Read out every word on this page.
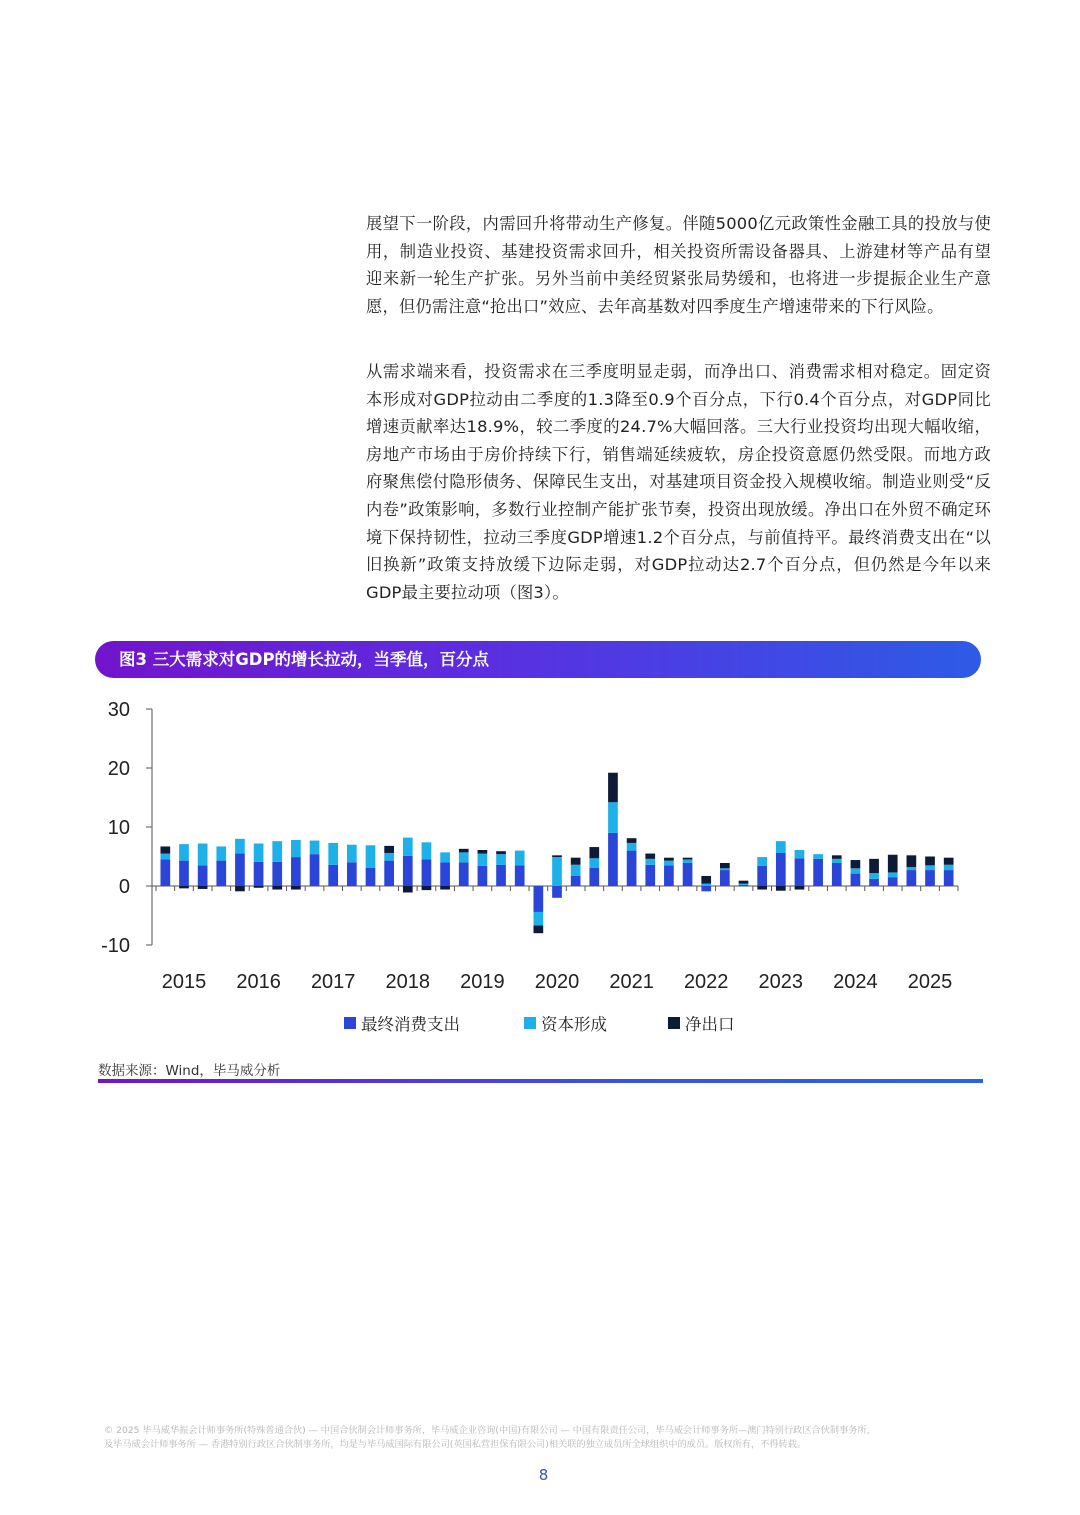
展望下一阶段，内需回升将带动生产修复。伴随5000亿元政策性金融工具的投放与使用，制造业投资、基建投资需求回升，相关投资所需设备器具、上游建材等产品有望迎来新一轮生产扩张。另外当前中美经贸紧张局势缓和，也将进一步提振企业生产意愿，但仍需注意“抢出口”效应、去年高基数对四季度生产增速带来的下行风险。
从需求端来看，投资需求在三季度明显走弱，而净出口、消费需求相对稳定。固定资本形成对GDP拉动由二季度的1.3降至0.9个百分点，下行0.4个百分点，对GDP同比增速贡献率达18.9%，较二季度的24.7%大幅回落。三大行业投资均出现大幅收缩，房地产市场由于房价持续下行，销售端延续疲软，房企投资意愿仍然受限。而地方政府聚焦偿付隐形债务、保障民生支出，对基建项目资金投入规模收缩。制造业则受“反内卷”政策影响，多数行业控制产能扩张节奏，投资出现放缓。净出口在外贸不确定环境下保持韧性，拉动三季度GDP增速1.2个百分点，与前值持平。最终消费支出在“以旧换新”政策支持放缓下边际走弱，对GDP拉动达2.7个百分点，但仍然是今年以来GDP最主要拉动项（图3）。
图3 三大需求对GDP的增长拉动，当季值，百分点
-10
0
10
20
30
2015 2016 2017 2018 2019 2020 2021 2022 2023 2024 2025
最终消费支出	资本形成	净出口
数据来源：Wind，毕马威分析
© 2025 毕马威华振会计师事务所(特殊普通合伙) — 中国合伙制会计师事务所，毕马威企业咨询(中国)有限公司 — 中国有限责任公司，毕马威会计师事务所—澳门特别行政区合伙制事务所，
及毕马威会计师事务所 — 香港特别行政区合伙制事务所，均是与毕马威国际有限公司(英国私营担保有限公司)相关联的独立成员所全球组织中的成员。版权所有，不得转载。
8
